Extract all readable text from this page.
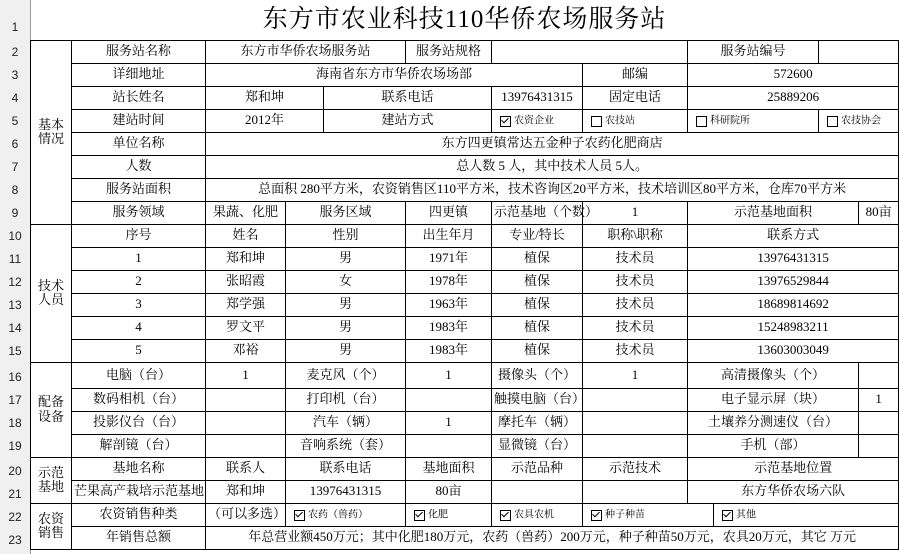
1
2
3
4
5
6
7
8
9
10
11
12
13
14
15
16
17
18
19
20
21
22
23
东方市农业科技110华侨农场服务站											
基本情况	服务站名称	东方市华侨农场服务站			服务站规格			服务站编号			
	详细地址	海南省东方市华侨农场场部					邮编	572600			
	站长姓名	郑和坤		联系电话		13976431315	固定电话	25889206			
	建站时间	2012年		建站方式		农资企业	农技站	科研院所		农技协会	
	单位名称	东方四更镇常达五金种子农药化肥商店									
	人数	总人数 5 人，其中技术人员 5人。									
	服务站面积	总面积 280平方米，农资销售区110平方米，技术咨询区20平方米，技术培训区80平方米，仓库70平方米									
	服务领域	果蔬、化肥	服务区域		四更镇	示范基地（个数）	1	示范基地面积			80亩
技术人员	序号	姓名	性别		出生年月	专业/特长	职称\职称	联系方式			
	1	郑和坤	男		1971年	植保	技术员	13976431315			
	2	张昭霞	女		1978年	植保	技术员	13976529844			
	3	郑学强	男		1963年	植保	技术员	18689814692			
	4	罗文平	男		1983年	植保	技术员	15248983211			
	5	邓裕	男		1983年	植保	技术员	13603003049			
配备设备	电脑（台）	1	麦克风（个）		1	摄像头（个）	1	高清摄像头（个）			
	数码相机（台）		打印机（台）			触摸电脑（台）		电子显示屏（块）			1
	投影仪台（台）		汽车（辆）		1	摩托车（辆）		土壤养分测速仪（台）			
	解剖镜（台）		音响系统（套）			显微镜（台）		手机（部）			
示范基地	基地名称	联系人	联系电话		基地面积	示范品种	示范技术	示范基地位置			
	芒果高产栽培示范基地	郑和坤	13976431315		80亩			东方华侨农场六队			
农资销售	农资销售种类	（可以多选）	农药（兽药）		化肥	农具农机	种子种苗		其他		
	年销售总额	年总营业额450万元；其中化肥180万元，农药（兽药）200万元，种子种苗50万元，农具20万元，其它 万元									
